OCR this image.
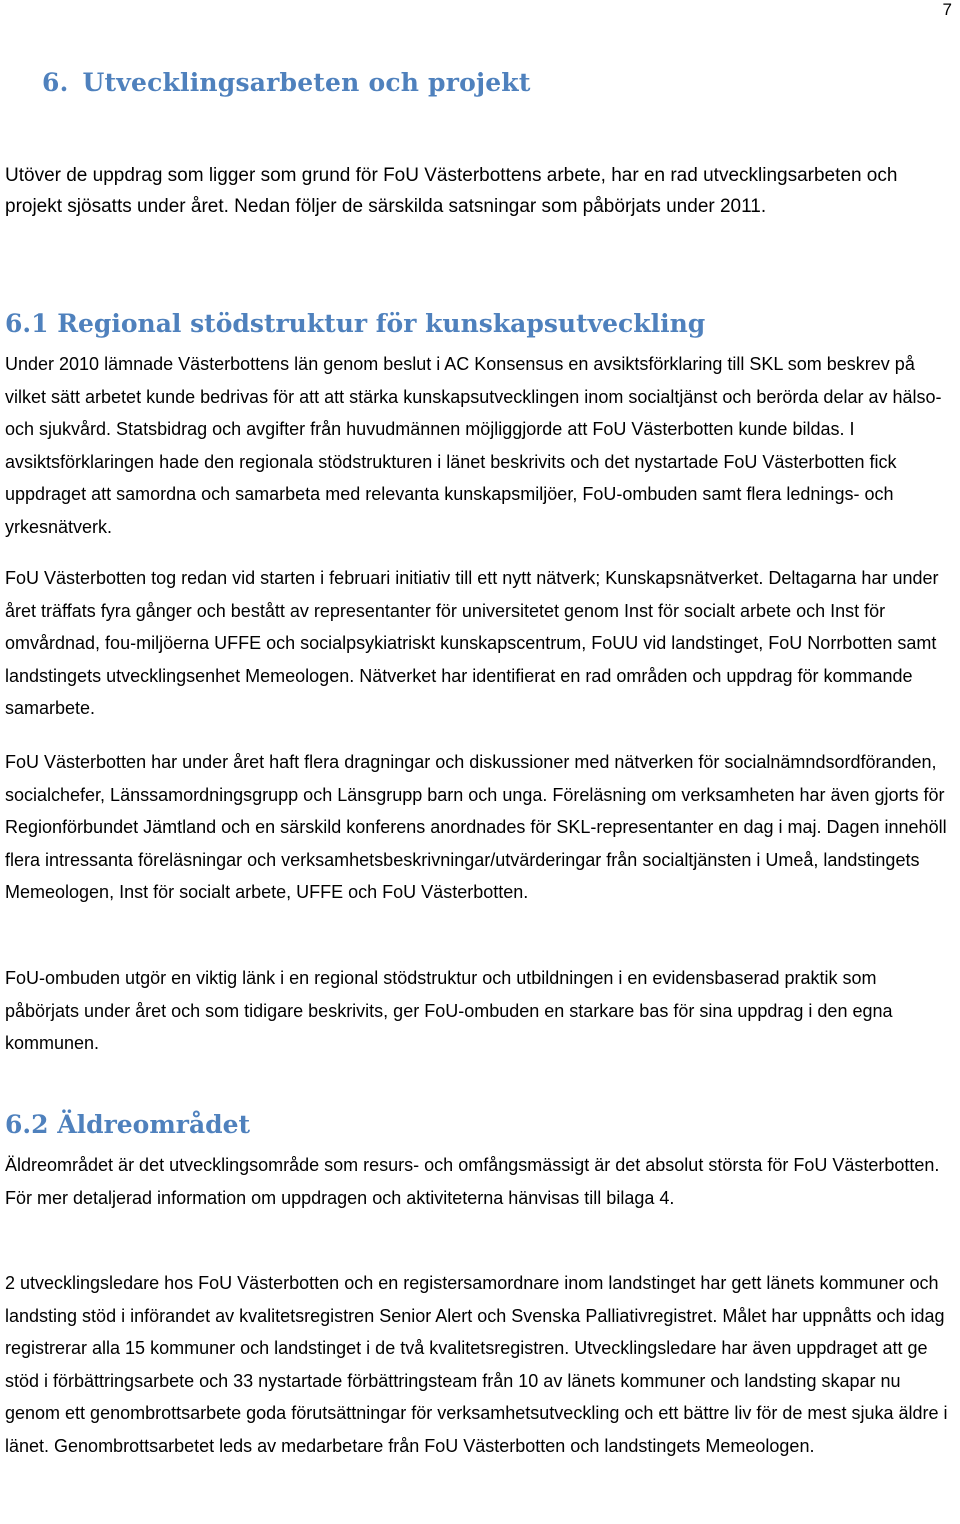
7
6. Utvecklingsarbeten och projekt

Utöver de uppdrag som ligger som grund för FoU Västerbottens arbete, har en rad utvecklingsarbeten och projekt sjösatts under året. Nedan följer de särskilda satsningar som påbörjats under 2011.

6.1 Regional stödstruktur för kunskapsutveckling

Under 2010 lämnade Västerbottens län genom beslut i AC Konsensus en avsiktsförklaring till SKL som beskrev på vilket sätt arbetet kunde bedrivas för att att stärka kunskapsutvecklingen inom socialtjänst och berörda delar av hälso- och sjukvård. Statsbidrag och avgifter från huvudmännen möjliggjorde att FoU Västerbotten kunde bildas. I avsiktsförklaringen hade den regionala stödstrukturen i länet beskrivits och det nystartade FoU Västerbotten fick uppdraget att samordna och samarbeta med relevanta kunskapsmiljöer, FoU-ombuden samt flera lednings- och yrkesnätverk.

FoU Västerbotten tog redan vid starten i februari initiativ till ett nytt nätverk; Kunskapsnätverket. Deltagarna har under året träffats fyra gånger och bestått av representanter för universitetet genom Inst för socialt arbete och Inst för omvårdnad, fou-miljöerna UFFE och socialpsykiatriskt kunskapscentrum, FoUU vid landstinget, FoU Norrbotten samt landstingets utvecklingsenhet Memeologen. Nätverket har identifierat en rad områden och uppdrag för kommande samarbete.

FoU Västerbotten har under året haft flera dragningar och diskussioner med nätverken för socialnämndsordföranden, socialchefer, Länssamordningsgrupp och Länsgrupp barn och unga. Föreläsning om verksamheten har även gjorts för Regionförbundet Jämtland och en särskild konferens anordnades för SKL-representanter en dag i maj. Dagen innehöll flera intressanta föreläsningar och verksamhetsbeskrivningar/utvärderingar från socialtjänsten i Umeå, landstingets Memeologen, Inst för socialt arbete, UFFE och FoU Västerbotten.

FoU-ombuden utgör en viktig länk i en regional stödstruktur och utbildningen i en evidensbaserad praktik som påbörjats under året och som tidigare beskrivits, ger FoU-ombuden en starkare bas för sina uppdrag i den egna kommunen.

6.2 Äldreområdet

Äldreområdet är det utvecklingsområde som resurs- och omfångsmässigt är det absolut största för FoU Västerbotten. För mer detaljerad information om uppdragen och aktiviteterna hänvisas till bilaga 4.

2 utvecklingsledare hos FoU Västerbotten och en registersamordnare inom landstinget har gett länets kommuner och landsting stöd i införandet av kvalitetsregistren Senior Alert och Svenska Palliativregistret. Målet har uppnåtts och idag registrerar alla 15 kommuner och landstinget i de två kvalitetsregistren. Utvecklingsledare har även uppdraget att ge stöd i förbättringsarbete och 33 nystartade förbättringsteam från 10 av länets kommuner och landsting skapar nu genom ett genombrottsarbete goda förutsättningar för verksamhetsutveckling och ett bättre liv för de mest sjuka äldre i länet. Genombrottsarbetet leds av medarbetare från FoU Västerbotten och landstingets Memeologen.
